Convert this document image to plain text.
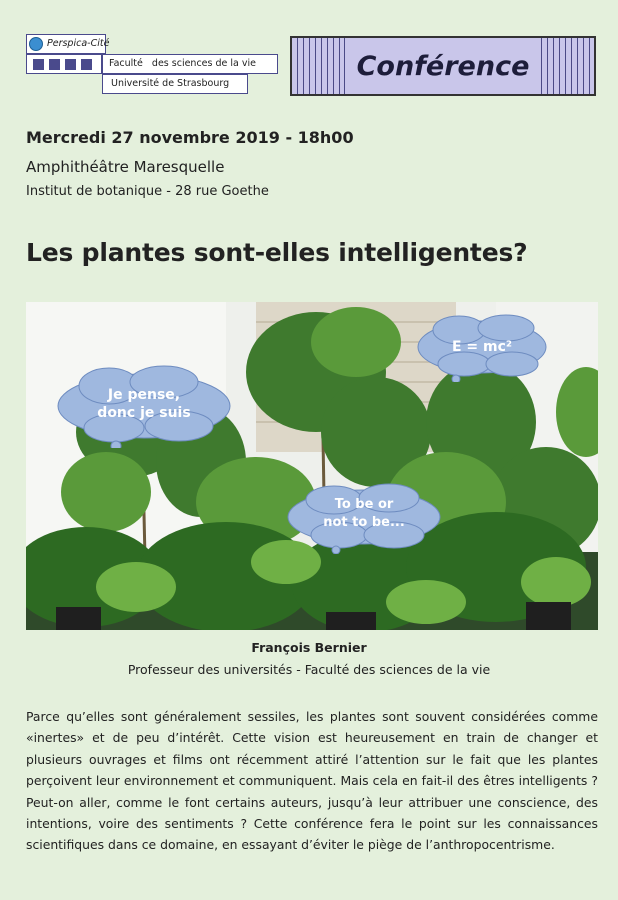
Perspica-Cité
Faculté   des sciences de la vie
Université de Strasbourg
Conférence
Mercredi 27 novembre 2019 - 18h00
Amphithéâtre Maresquelle
Institut de botanique - 28 rue Goethe
Les plantes sont-elles intelligentes?
Je pense,
donc je suis
E = mc²
To be or
not to be...
François Bernier
Professeur des universités - Faculté des sciences de la vie
Parce qu’elles sont généralement sessiles, les plantes sont souvent considérées comme «inertes» et de peu d’intérêt. Cette vision est heureusement en train de changer et plusieurs ouvrages et films ont récemment attiré l’attention sur le fait que les plantes perçoivent leur environnement et communiquent. Mais cela en fait-il des êtres intelligents ? Peut-on aller, comme le font certains auteurs, jusqu’à leur attribuer une conscience, des intentions, voire des sentiments ? Cette conférence fera le point sur les connaissances scientifiques dans ce domaine, en essayant d’éviter le piège de l’anthropocentrisme.
